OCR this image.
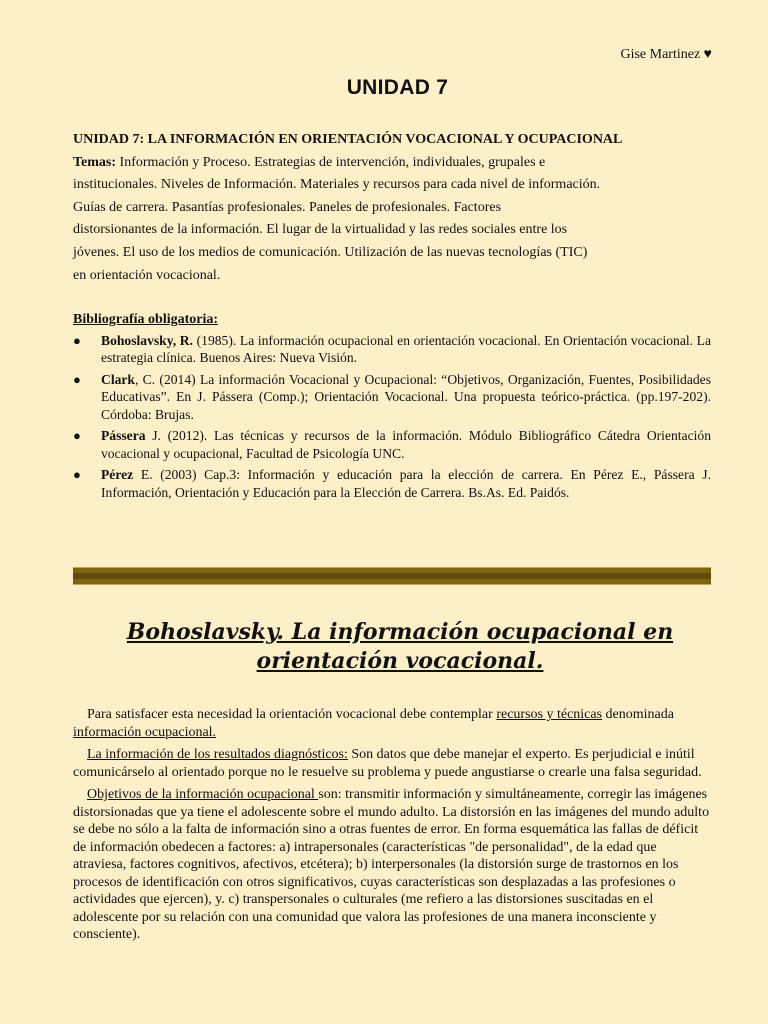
Gise Martinez ♥
UNIDAD 7

UNIDAD 7: LA INFORMACIÓN EN ORIENTACIÓN VOCACIONAL Y OCUPACIONAL

Temas: Información y Proceso. Estrategias de intervención, individuales, grupales e
institucionales. Niveles de Información. Materiales y recursos para cada nivel de información.
Guías de carrera. Pasantías profesionales. Paneles de profesionales. Factores
distorsionantes de la información. El lugar de la virtualidad y las redes sociales entre los
jóvenes. El uso de los medios de comunicación. Utilización de las nuevas tecnologías (TIC)
en orientación vocacional.

Bibliografía obligatoria:

● Bohoslavsky, R. (1985). La información ocupacional en orientación vocacional. En Orientación vocacional. La estrategia clínica. Buenos Aires: Nueva Visión.
● Clark, C. (2014) La información Vocacional y Ocupacional: “Objetivos, Organización, Fuentes, Posibilidades Educativas”. En J. Pássera (Comp.); Orientación Vocacional. Una propuesta teórico-práctica. (pp.197-202). Córdoba: Brujas.
● Pássera J. (2012). Las técnicas y recursos de la información. Módulo Bibliográfico Cátedra Orientación vocacional y ocupacional, Facultad de Psicología UNC.
● Pérez E. (2003) Cap.3: Información y educación para la elección de carrera. En Pérez E., Pássera J. Información, Orientación y Educación para la Elección de Carrera. Bs.As. Ed. Paidós.
Bohoslavsky. La información ocupacional en orientación vocacional.

Para satisfacer esta necesidad la orientación vocacional debe contemplar recursos y técnicas denominada información ocupacional.

La información de los resultados diagnósticos: Son datos que debe manejar el experto. Es perjudicial e inútil comunicárselo al orientado porque no le resuelve su problema y puede angustiarse o crearle una falsa seguridad.

Objetivos de la información ocupacional son: transmitir información y simultáneamente, corregir las imágenes distorsionadas que ya tiene el adolescente sobre el mundo adulto. La distorsión en las imágenes del mundo adulto se debe no sólo a la falta de información sino a otras fuentes de error. En forma esquemática las fallas de déficit de información obedecen a factores: a) intrapersonales (características "de personalidad", de la edad que atraviesa, factores cognitivos, afectivos, etcétera); b) interpersonales (la distorsión surge de trastornos en los procesos de identificación con otros significativos, cuyas características son desplazadas a las profesiones o actividades que ejercen), y. c) transpersonales o culturales (me refiero a las distorsiones suscitadas en el adolescente por su relación con una comunidad que valora las profesiones de una manera inconsciente y consciente).
